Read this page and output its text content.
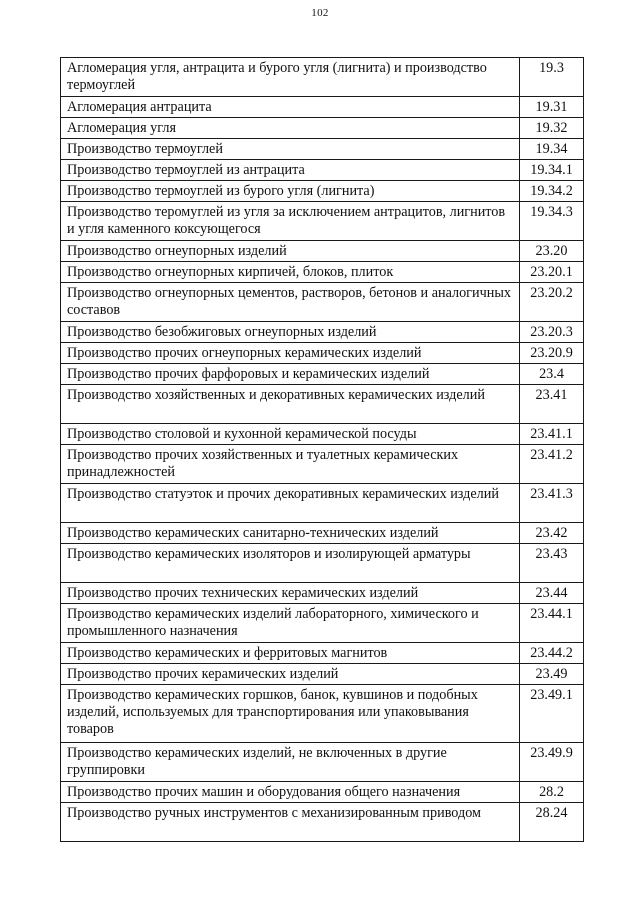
102
Агломерация угля, антрацита и бурого угля (лигнита) и производство термоуглей	19.3
Агломерация антрацита	19.31
Агломерация угля	19.32
Производство термоуглей	19.34
Производство термоуглей из антрацита	19.34.1
Производство термоуглей из бурого угля (лигнита)	19.34.2
Производство теромуглей из угля за исключением антрацитов, лигнитов и угля каменного коксующегося	19.34.3
Производство огнеупорных изделий	23.20
Производство огнеупорных кирпичей, блоков, плиток	23.20.1
Производство огнеупорных цементов, растворов, бетонов и аналогичных составов	23.20.2
Производство безобжиговых огнеупорных изделий	23.20.3
Производство прочих огнеупорных керамических изделий	23.20.9
Производство прочих фарфоровых и керамических изделий	23.4
Производство хозяйственных и декоративных керамических изделий	23.41
Производство столовой и кухонной керамической посуды	23.41.1
Производство прочих хозяйственных и туалетных керамических принадлежностей	23.41.2
Производство статуэток и прочих декоративных керамических изделий	23.41.3
Производство керамических санитарно-технических изделий	23.42
Производство керамических изоляторов и изолирующей арматуры	23.43
Производство прочих технических керамических изделий	23.44
Производство керамических изделий лабораторного, химического и промышленного назначения	23.44.1
Производство керамических и ферритовых магнитов	23.44.2
Производство прочих керамических изделий	23.49
Производство керамических горшков, банок, кувшинов и подобных изделий, используемых для транспортирования или упаковывания товаров	23.49.1
Производство керамических изделий, не включенных в другие группировки	23.49.9
Производство прочих машин и оборудования общего назначения	28.2
Производство ручных инструментов с механизированным приводом	28.24
